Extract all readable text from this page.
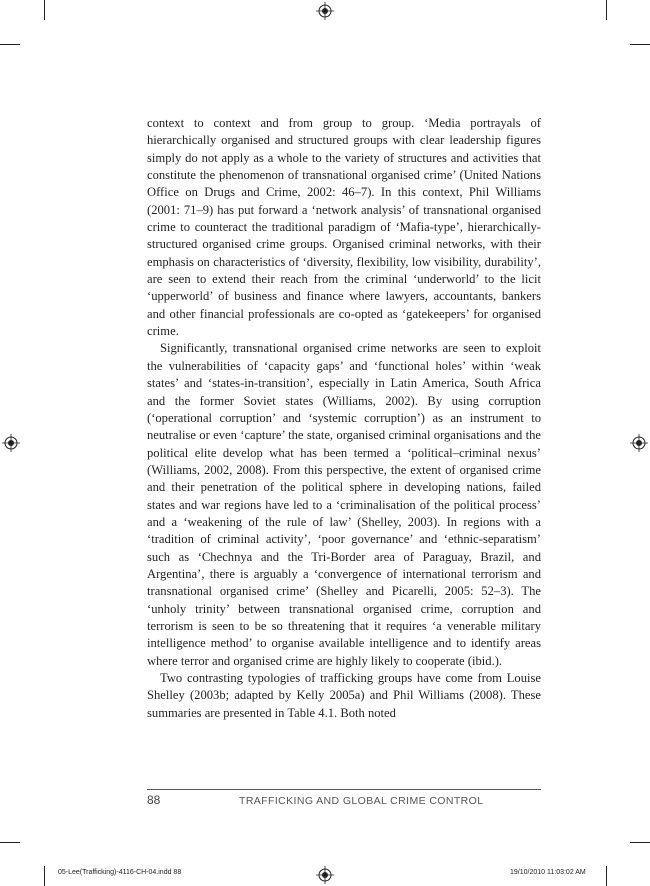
context to context and from group to group. ‘Media portrayals of hierarchically organised and structured groups with clear leadership figures simply do not apply as a whole to the variety of structures and activities that constitute the phenomenon of transnational organised crime’ (United Nations Office on Drugs and Crime, 2002: 46–7). In this context, Phil Williams (2001: 71–9) has put forward a ‘network analysis’ of transnational organised crime to counteract the traditional paradigm of ‘Mafia-type’, hierarchically-structured organised crime groups. Organised criminal networks, with their emphasis on characteristics of ‘diversity, flexibility, low visibility, durability’, are seen to extend their reach from the criminal ‘underworld’ to the licit ‘upperworld’ of business and finance where lawyers, accountants, bankers and other financial professionals are co-opted as ‘gatekeepers’ for organised crime.

Significantly, transnational organised crime networks are seen to exploit the vulnerabilities of ‘capacity gaps’ and ‘functional holes’ within ‘weak states’ and ‘states-in-transition’, especially in Latin America, South Africa and the former Soviet states (Williams, 2002). By using corruption (‘operational corruption’ and ‘systemic corruption’) as an instrument to neutralise or even ‘capture’ the state, organised criminal organisations and the political elite develop what has been termed a ‘political–criminal nexus’ (Williams, 2002, 2008). From this perspective, the extent of organised crime and their penetration of the political sphere in developing nations, failed states and war regions have led to a ‘criminalisation of the political process’ and a ‘weakening of the rule of law’ (Shelley, 2003). In regions with a ‘tradition of criminal activity’, ‘poor governance’ and ‘ethnic-separatism’ such as ‘Chechnya and the Tri-Border area of Paraguay, Brazil, and Argentina’, there is arguably a ‘convergence of international terrorism and transnational organised crime’ (Shelley and Picarelli, 2005: 52–3). The ‘unholy trinity’ between transnational organised crime, corruption and terrorism is seen to be so threatening that it requires ‘a venerable military intelligence method’ to organise available intelligence and to identify areas where terror and organised crime are highly likely to cooperate (ibid.).

Two contrasting typologies of trafficking groups have come from Louise Shelley (2003b; adapted by Kelly 2005a) and Phil Williams (2008). These summaries are presented in Table 4.1. Both noted

88	TRAFFICKING AND GLOBAL CRIME CONTROL
05-Lee(Trafficking)-4116-CH-04.indd 88	19/10/2010 11:03:02 AM
